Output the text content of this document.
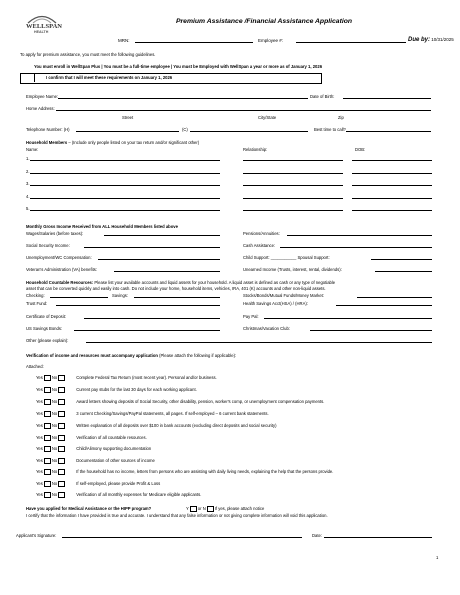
WELLSPAN
HEALTH
Premium Assistance /Financial Assistance Application
MRN:	Employee #:	Due by: 10/31/2025
To apply for premium assistance, you must meet the following guidelines.
You must enroll in WellSpan Plus | You must be a full-time employee | You must be Employed with WellSpan a year or more as of January 1, 2026
I confirm that I will meet these requirements on January 1, 2026
Employee Name:	Date of Birth:
Home Address:
Street	City/State	Zip
Telephone Number: (H)	(C)	Best time to call?
Household Members – (Include only people listed on your tax return and/or significant other)
Name:	Relationship:	DOB:
1.
2.
3.
4.
5.
Monthly Gross Income Received from ALL Household Members listed above
Wages/Salaries (before taxes):	Pensions/Annuities:
Social Security Income:	Cash Assistance:
Unemployment/WC Compensation:	Child Support: ___________ Spousal Support:
Veteran's Administration (VA) benefits:	Unearned Income (Trusts, interest, rental, dividends):
Household Countable Resources: Please list your available accounts and liquid assets for your household. A liquid asset is defined as cash or any type of negotiable
asset that can be converted quickly and easily into cash. Do not include your home, household items, vehicles, IRA, 401 (K) accounts and other non-liquid assets.
Checking:	Savings:	Stocks/Bonds/Mutual Funds/Money Market:
Trust Fund:	Health Savings Acct(HSA) / (HRA):
Certificate of Deposit:	Pay Pal:
US Savings Bonds:	Christmas/Vacation Club:
Other (please explain):
Verification of income and resources must accompany application (Please attach the following if applicable):
Attached:
Yes No	Complete Federal Tax Return (most recent year). Personal and/or business.
Yes No	Current pay stubs for the last 30 days for each working applicant.
Yes No	Award letters showing deposits of Social Security, other disability, pension, worker's comp, or unemployment compensation payments.
Yes No	3 current Checking/Savings/PayPal statements, all pages. If self-employed – 6 current bank statements.
Yes No	Written explanation of all deposits over $100 in bank accounts (excluding direct deposits and social security)
Yes No	Verification of all countable resources.
Yes No	Child/Alimony supporting documentation
Yes No	Documentation of other sources of income
Yes No	If the household has no income, letters from persons who are assisting with daily living needs, explaining the help that the persons provide.
Yes No	If self-employed, please provide Profit & Loss
Yes No	Verification of all monthly expenses for Medicare eligible applicants.
Have you applied for Medical Assistance or the HIPP program?	Y or N If yes, please attach notice
I certify that the information I have provided is true and accurate. I understand that any false information or not giving complete information will void this application.
Applicant's Signature:	Date:
1
